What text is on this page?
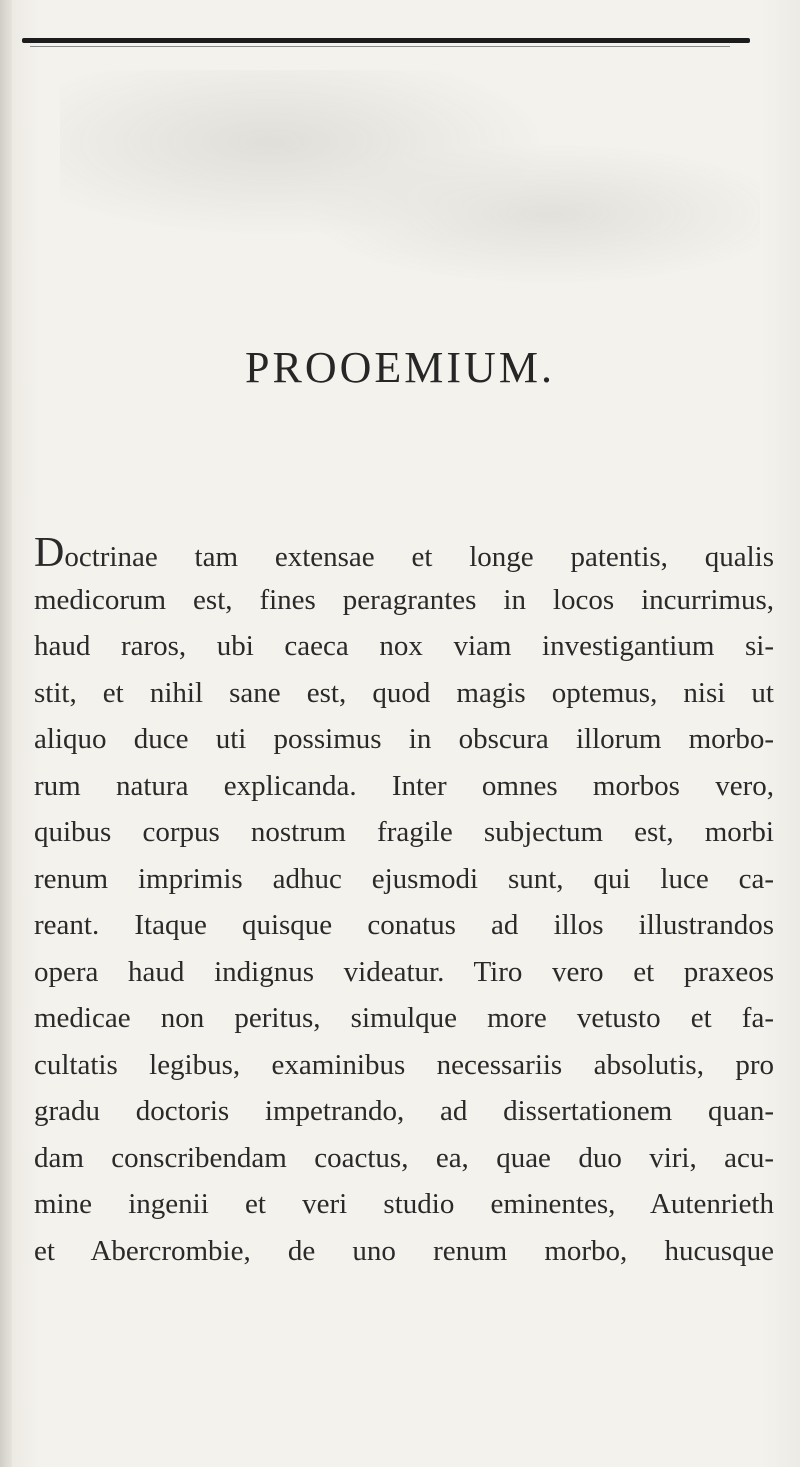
PROOEMIUM.
Doctrinae tam extensae et longe patentis, qualis
medicorum est, fines peragrantes in locos incurrimus,
haud raros, ubi caeca nox viam investigantium si-
stit, et nihil sane est, quod magis optemus, nisi ut
aliquo duce uti possimus in obscura illorum morbo-
rum natura explicanda. Inter omnes morbos vero,
quibus corpus nostrum fragile subjectum est, morbi
renum imprimis adhuc ejusmodi sunt, qui luce ca-
reant. Itaque quisque conatus ad illos illustrandos
opera haud indignus videatur. Tiro vero et praxeos
medicae non peritus, simulque more vetusto et fa-
cultatis legibus, examinibus necessariis absolutis, pro
gradu doctoris impetrando, ad dissertationem quan-
dam conscribendam coactus, ea, quae duo viri, acu-
mine ingenii et veri studio eminentes, Autenrieth
et Abercrombie, de uno renum morbo, hucusque
